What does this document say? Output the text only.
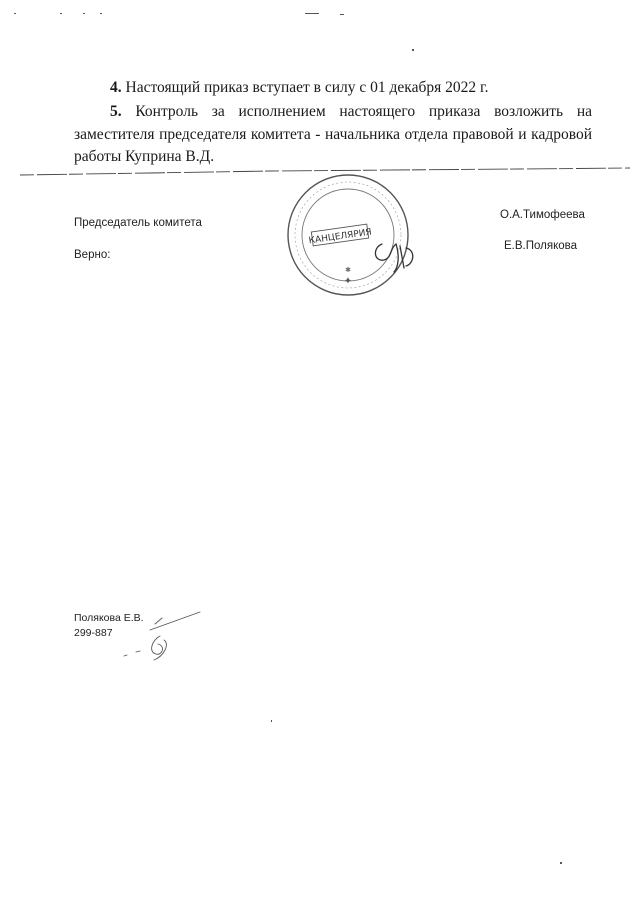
4. Настоящий приказ вступает в силу с 01 декабря 2022 г.
5. Контроль за исполнением настоящего приказа возложить на заместителя председателя комитета - начальника отдела правовой и кадровой работы Куприна В.Д.
Председатель комитета
О.А.Тимофеева
Верно:
Е.В.Полякова
КАНЦЕЛЯРИЯ
✦
✱
Полякова Е.В.
299-887
